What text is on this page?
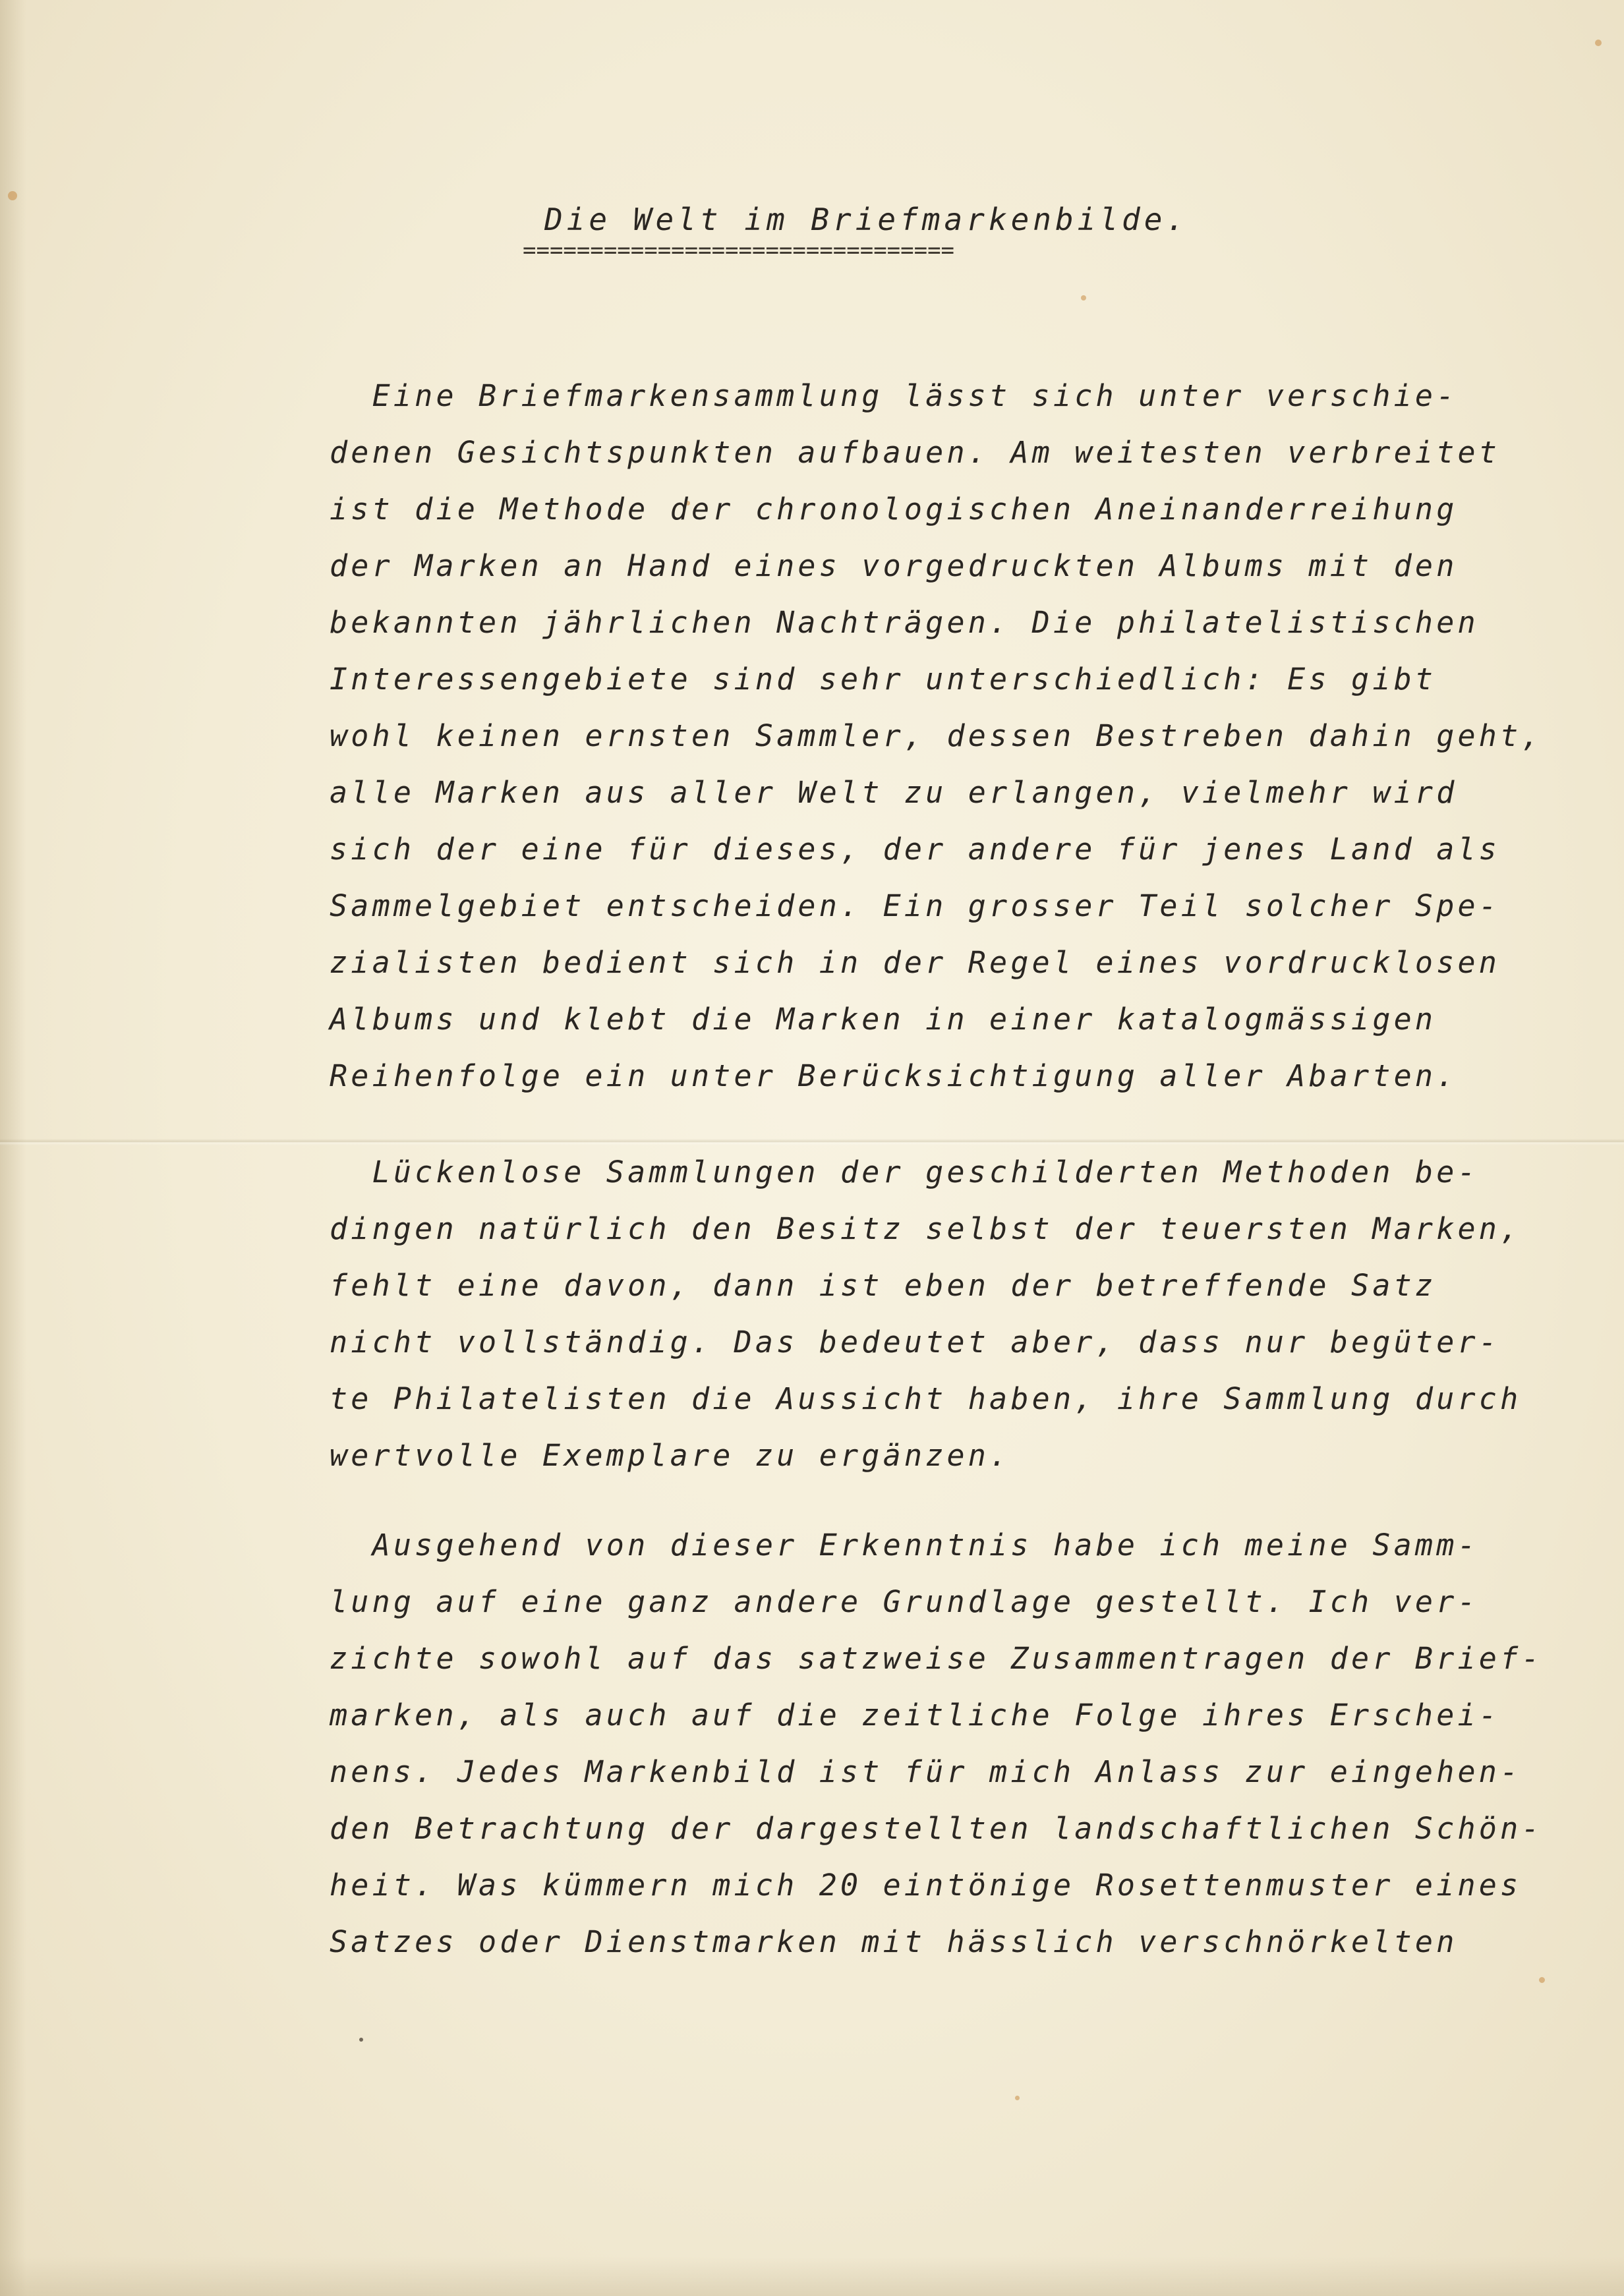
Die Welt im Briefmarkenbilde.
================================
Eine Briefmarkensammlung lässt sich unter verschie-
denen Gesichtspunkten aufbauen. Am weitesten verbreitet
ist die Methode der chronologischen Aneinanderreihung
der Marken an Hand eines vorgedruckten Albums mit den
bekannten jährlichen Nachträgen. Die philatelistischen
Interessengebiete sind sehr unterschiedlich: Es gibt
wohl keinen ernsten Sammler, dessen Bestreben dahin geht,
alle Marken aus aller Welt zu erlangen, vielmehr wird
sich der eine für dieses, der andere für jenes Land als
Sammelgebiet entscheiden. Ein grosser Teil solcher Spe-
zialisten bedient sich in der Regel eines vordrucklosen
Albums und klebt die Marken in einer katalogmässigen
Reihenfolge ein unter Berücksichtigung aller Abarten.
Lückenlose Sammlungen der geschilderten Methoden be-
dingen natürlich den Besitz selbst der teuersten Marken,
fehlt eine davon, dann ist eben der betreffende Satz
nicht vollständig. Das bedeutet aber, dass nur begüter-
te Philatelisten die Aussicht haben, ihre Sammlung durch
wertvolle Exemplare zu ergänzen.
Ausgehend von dieser Erkenntnis habe ich meine Samm-
lung auf eine ganz andere Grundlage gestellt. Ich ver-
zichte sowohl auf das satzweise Zusammentragen der Brief-
marken, als auch auf die zeitliche Folge ihres Erschei-
nens. Jedes Markenbild ist für mich Anlass zur eingehen-
den Betrachtung der dargestellten landschaftlichen Schön-
heit. Was kümmern mich 20 eintönige Rosettenmuster eines
Satzes oder Dienstmarken mit hässlich verschnörkelten
